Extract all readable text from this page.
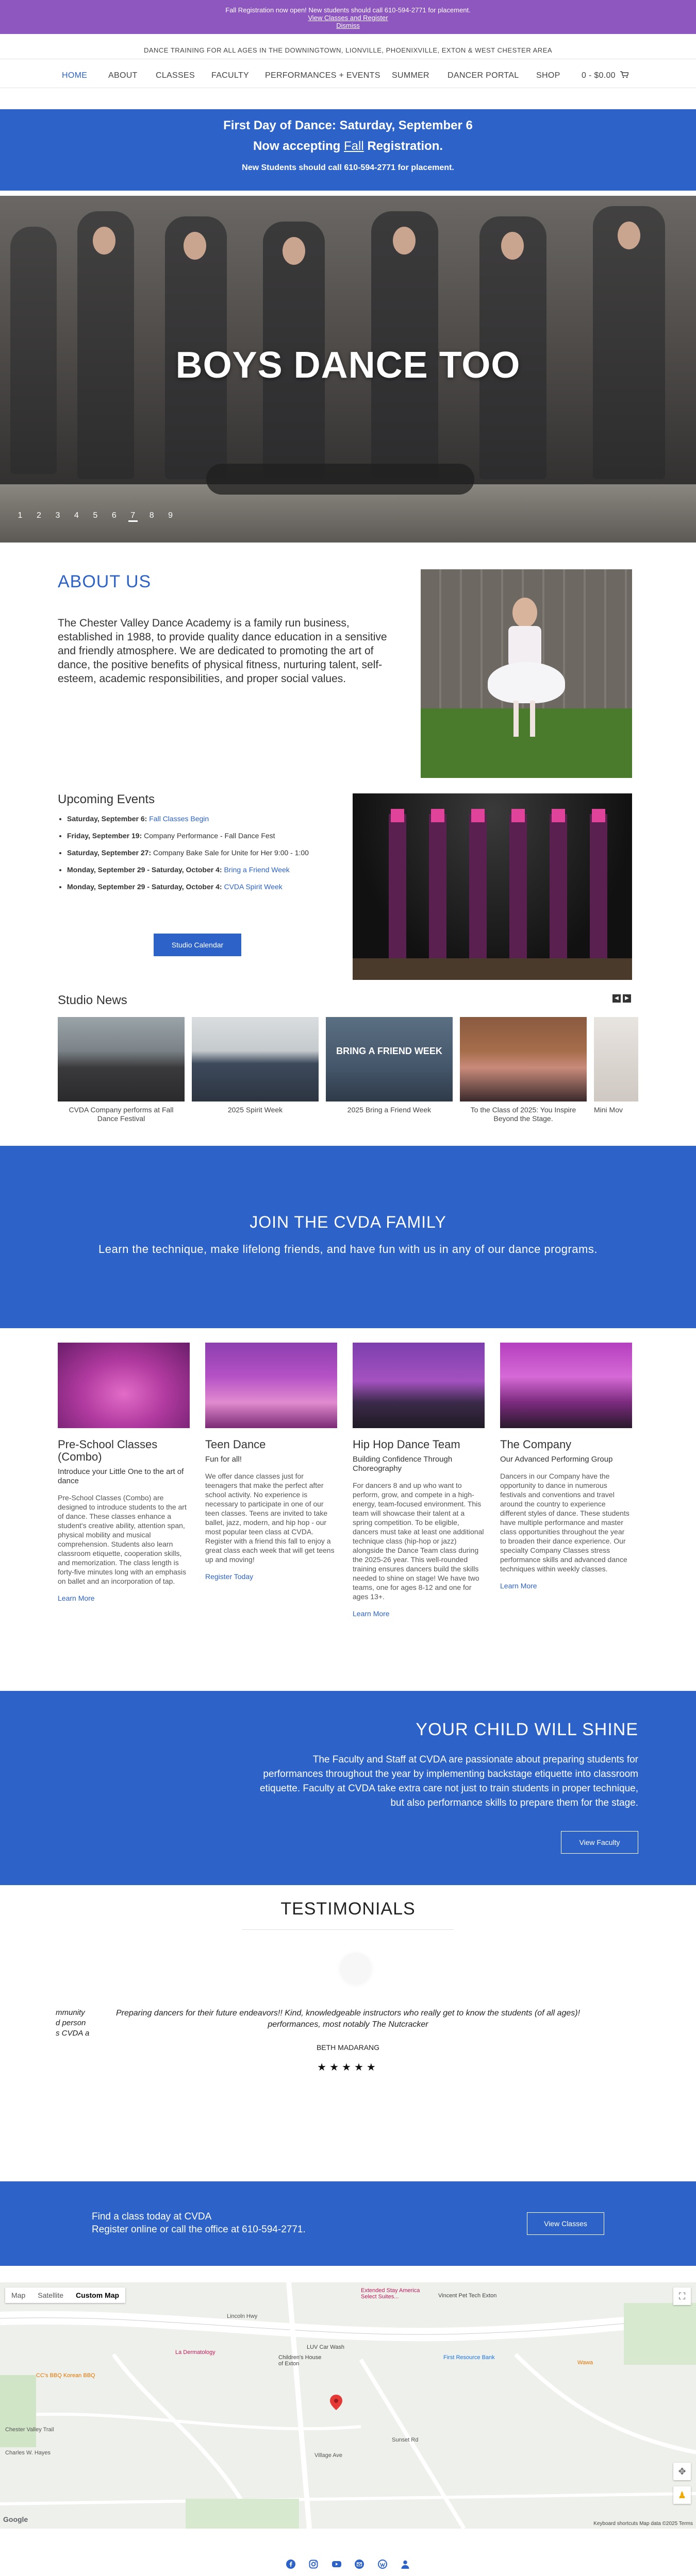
Fall Registration now open! New students should call 610-594-2771 for placement.
View Classes and Register
Dismiss
DANCE TRAINING FOR ALL AGES IN THE DOWNINGTOWN, LIONVILLE, PHOENIXVILLE, EXTON & WEST CHESTER AREA
HOME	ABOUT CLASSES FACULTY PERFORMANCES + EVENTS SUMMER DANCER PORTAL SHOP	0 - $0.00
First Day of Dance: Saturday, September 6
Now accepting Fall Registration.
New Students should call 610-594-2771 for placement.
BOYS DANCE TOO
1 2 3 4 5 6 7 8 9
ABOUT US

The Chester Valley Dance Academy is a family run business, established in 1988, to provide quality dance education in a sensitive and friendly atmosphere. We are dedicated to promoting the art of dance, the positive benefits of physical fitness, nurturing talent, self-esteem, academic responsibilities, and proper social values.

Upcoming Events
• Saturday, September 6: Fall Classes Begin
• Friday, September 19: Company Performance - Fall Dance Fest
• Saturday, September 27: Company Bake Sale for Unite for Her 9:00 - 1:00
• Monday, September 29 - Saturday, October 4: Bring a Friend Week
• Monday, September 29 - Saturday, October 4: CVDA Spirit Week
Studio Calendar
Studio News	◀	▶
CVDA Company performs at Fall Dance Festival
2025 Spirit Week
BRING A FRIEND WEEK
2025 Bring a Friend Week	To the Class of 2025: You Inspire Beyond the Stage.
Mini Mov
JOIN THE CVDA FAMILY

Learn the technique, make lifelong friends, and have fun with us in any of our dance programs.

Pre-School Classes (Combo)
Introduce your Little One to the art of dance

Pre-School Classes (Combo) are designed to introduce students to the art of dance. These classes enhance a student's creative ability, attention span, physical mobility and musical comprehension. Students also learn classroom etiquette, cooperation skills, and memorization. The class length is forty-five minutes long with an emphasis on ballet and an incorporation of tap.

Learn More
Teen Dance
Fun for all!

We offer dance classes just for teenagers that make the perfect after school activity. No experience is necessary to participate in one of our teen classes. Teens are invited to take ballet, jazz, modern, and hip hop - our most popular teen class at CVDA. Register with a friend this fall to enjoy a great class each week that will get teens up and moving!

Register Today
Hip Hop Dance Team
Building Confidence Through Choreography

For dancers 8 and up who want to perform, grow, and compete in a high-energy, team-focused environment. This team will showcase their talent at a spring competition. To be eligible, dancers must take at least one additional technique class (hip-hop or jazz) alongside the Dance Team class during the 2025-26 year. This well-rounded training ensures dancers build the skills needed to shine on stage! We have two teams, one for ages 8-12 and one for ages 13+.

Learn More
The Company
Our Advanced Performing Group

Dancers in our Company have the opportunity to dance in numerous festivals and conventions and travel around the country to experience different styles of dance. These students have multiple performance and master class opportunities throughout the year to broaden their dance experience. Our specialty Company Classes stress performance skills and advanced dance techniques within weekly classes.

Learn More
YOUR CHILD WILL SHINE

The Faculty and Staff at CVDA are passionate about preparing students for performances throughout the year by implementing backstage etiquette into classroom etiquette. Faculty at CVDA take extra care not just to train students in proper technique, but also performance skills to prepare them for the stage.

View Faculty
TESTIMONIALS
mmunity
d person
s CVDA a

Preparing dancers for their future endeavors!! Kind, knowledgeable instructors who really get to know the students (of all ages)! performances, most notably The Nutcracker

BETH MADARANG
★★★★★
Find a class today at CVDA
Register online or call the office at 610-594-2771.
View Classes
Extended Stay America Select Suites...	Vincent Pet Tech Exton
First Resource Bank
Wawa
LUV Car Wash
Children's House of Exton
La Dermatology
CC's BBQ Korean BBQ
Chester Valley Trail
Charles W. Hayes	Village Ave
Sunset Rd
Lincoln Hwy
Map	Satellite	Custom Map	⛶
✥
♟
Google
Keyboard shortcuts Map data ©2025 Terms
